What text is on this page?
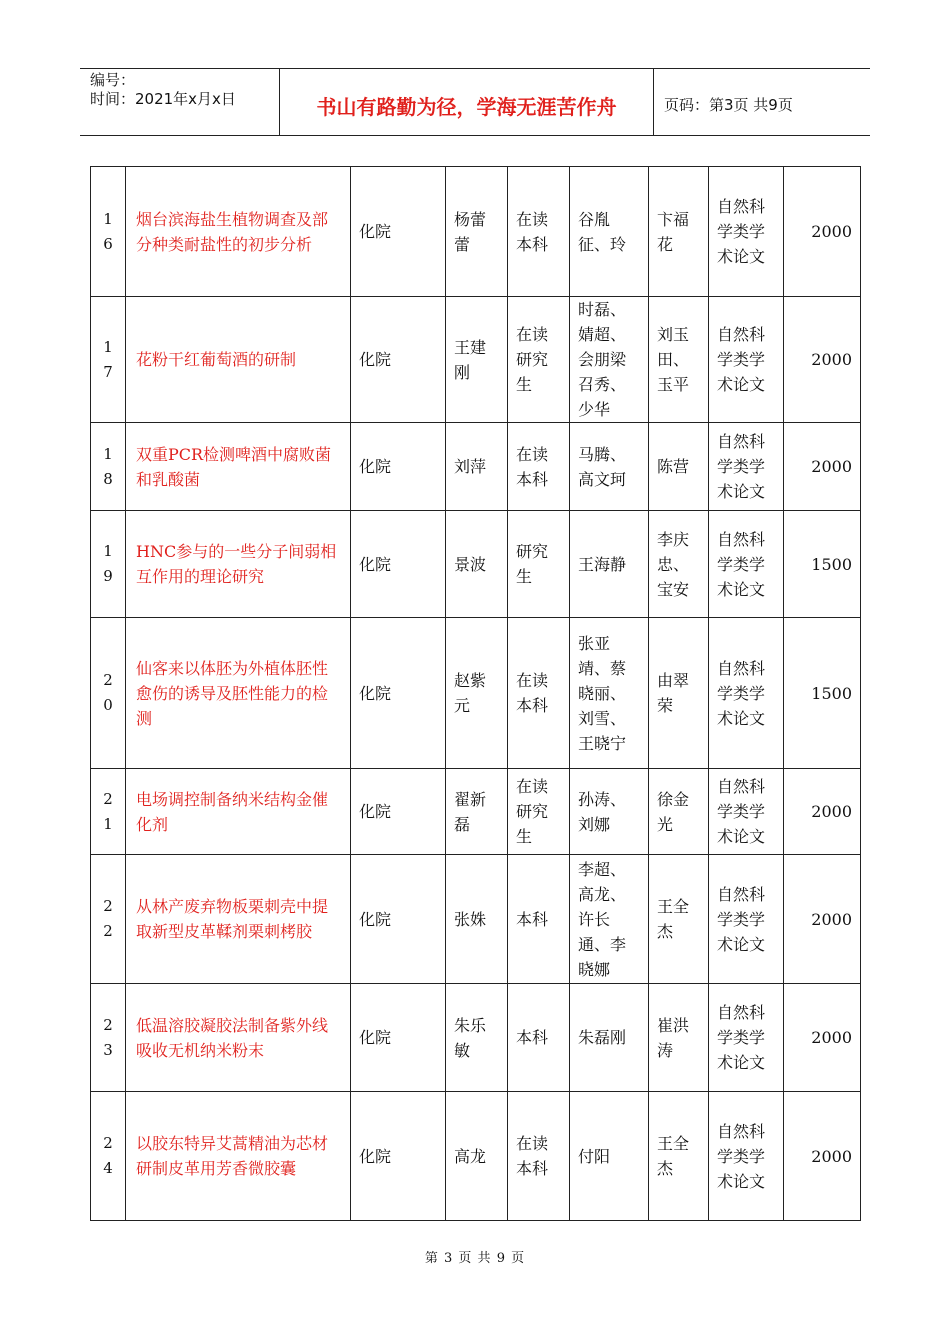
编号：
时间：2021年x月x日	书山有路勤为径，学海无涯苦作舟	页码：第3页 共9页
1
6	烟台滨海盐生植物调查及部分种类耐盐性的初步分析	化院	杨蕾蕾	在读本科	谷胤征、玲	卞福花	自然科学类学术论文	2000

1
7	花粉干红葡萄酒的研制	化院	王建刚	在读研究生	时磊、婧超、会朋梁召秀、少华	刘玉田、玉平	自然科学类学术论文	2000

1
8	双重PCR检测啤酒中腐败菌和乳酸菌	化院	刘萍	在读本科	马腾、高文珂	陈营	自然科学类学术论文	2000

1
9	HNC参与的一些分子间弱相互作用的理论研究	化院	景波	研究生	王海静	李庆忠、宝安	自然科学类学术论文	1500

2
0	仙客来以体胚为外植体胚性愈伤的诱导及胚性能力的检测	化院	赵紫元	在读本科	张亚靖、蔡晓丽、刘雪、王晓宁	由翠荣	自然科学类学术论文	1500

2
1	电场调控制备纳米结构金催化剂	化院	翟新磊	在读研究生	孙涛、刘娜	徐金光	自然科学类学术论文	2000

2
2	从林产废弃物板栗刺壳中提取新型皮革鞣剂栗刺栲胶	化院	张姝	本科	李超、高龙、许长通、李晓娜	王全杰	自然科学类学术论文	2000

2
3	低温溶胶凝胶法制备紫外线吸收无机纳米粉末	化院	朱乐敏	本科	朱磊刚	崔洪涛	自然科学类学术论文	2000

2
4	以胶东特异艾蒿精油为芯材研制皮革用芳香微胶囊	化院	高龙	在读本科	付阳	王全杰	自然科学类学术论文	2000
第 3 页 共 9 页
